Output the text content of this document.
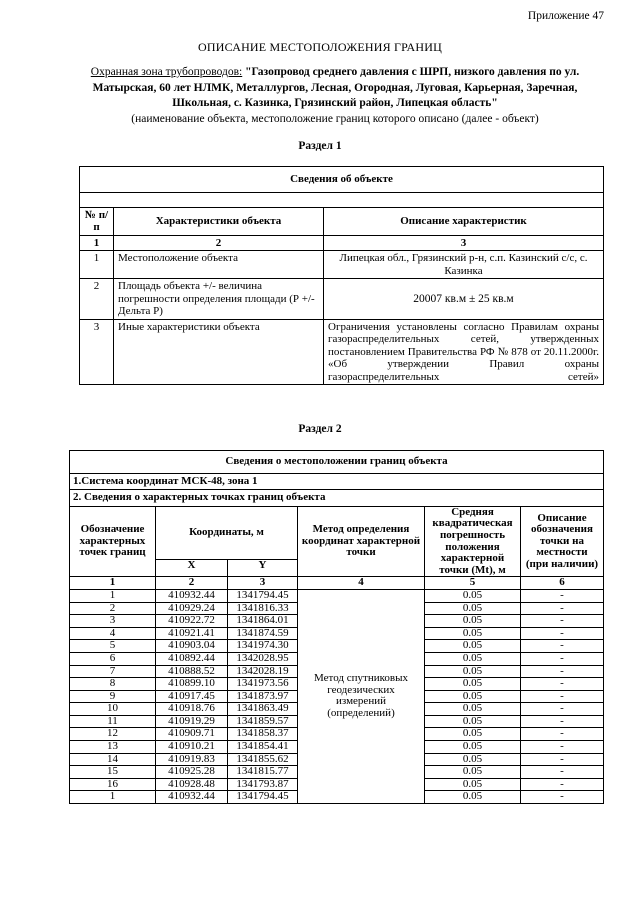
Приложение 47
ОПИСАНИЕ МЕСТОПОЛОЖЕНИЯ ГРАНИЦ
Охранная зона трубопроводов: "Газопровод среднего давления с ШРП, низкого давления по ул. Матырская, 60 лет НЛМК, Металлургов, Лесная, Огородная, Луговая, Карьерная, Заречная, Школьная, с. Казинка, Грязинский район, Липецкая область"
(наименование объекта, местоположение границ которого описано (далее - объект)
Раздел 1
Сведения об объекте		

№ п/п	Характеристики объекта	Описание характеристик
1	2	3
1	Местоположение объекта	Липецкая обл., Грязинский р-н, с.п. Казинский с/с, с. Казинка
2	Площадь объекта +/- величина погрешности определения площади (Р +/- Дельта Р)	20007 кв.м ± 25 кв.м
3	Иные характеристики объекта	Ограничения установлены согласно Правилам охраны газораспределительных сетей, утвержденных постановлением Правительства РФ № 878 от 20.11.2000г. «Об утверждении Правил охраны газораспределительных сетей»
Раздел 2
Сведения о местоположении границ объекта					
1.Система координат МСК-48, зона 1					
2. Сведения о характерных точках границ объекта					
Обозначение характерных точек границ	Координаты, м		Метод определения координат характерной точки	Средняя квадратическая погрешность положения характерной точки (Mt), м	Описание обозначения точки на местности (при наличии)
	X	Y			
1	2	3	4	5	6
1	410932.44	1341794.45	Метод спутниковых геодезических измерений (определений)	0.05	-
2	410929.24	1341816.33		0.05	-
3	410922.72	1341864.01		0.05	-
4	410921.41	1341874.59		0.05	-
5	410903.04	1341974.30		0.05	-
6	410892.44	1342028.95		0.05	-
7	410888.52	1342028.19		0.05	-
8	410899.10	1341973.56		0.05	-
9	410917.45	1341873.97		0.05	-
10	410918.76	1341863.49		0.05	-
11	410919.29	1341859.57		0.05	-
12	410909.71	1341858.37		0.05	-
13	410910.21	1341854.41		0.05	-
14	410919.83	1341855.62		0.05	-
15	410925.28	1341815.77		0.05	-
16	410928.48	1341793.87		0.05	-
1	410932.44	1341794.45		0.05	-
